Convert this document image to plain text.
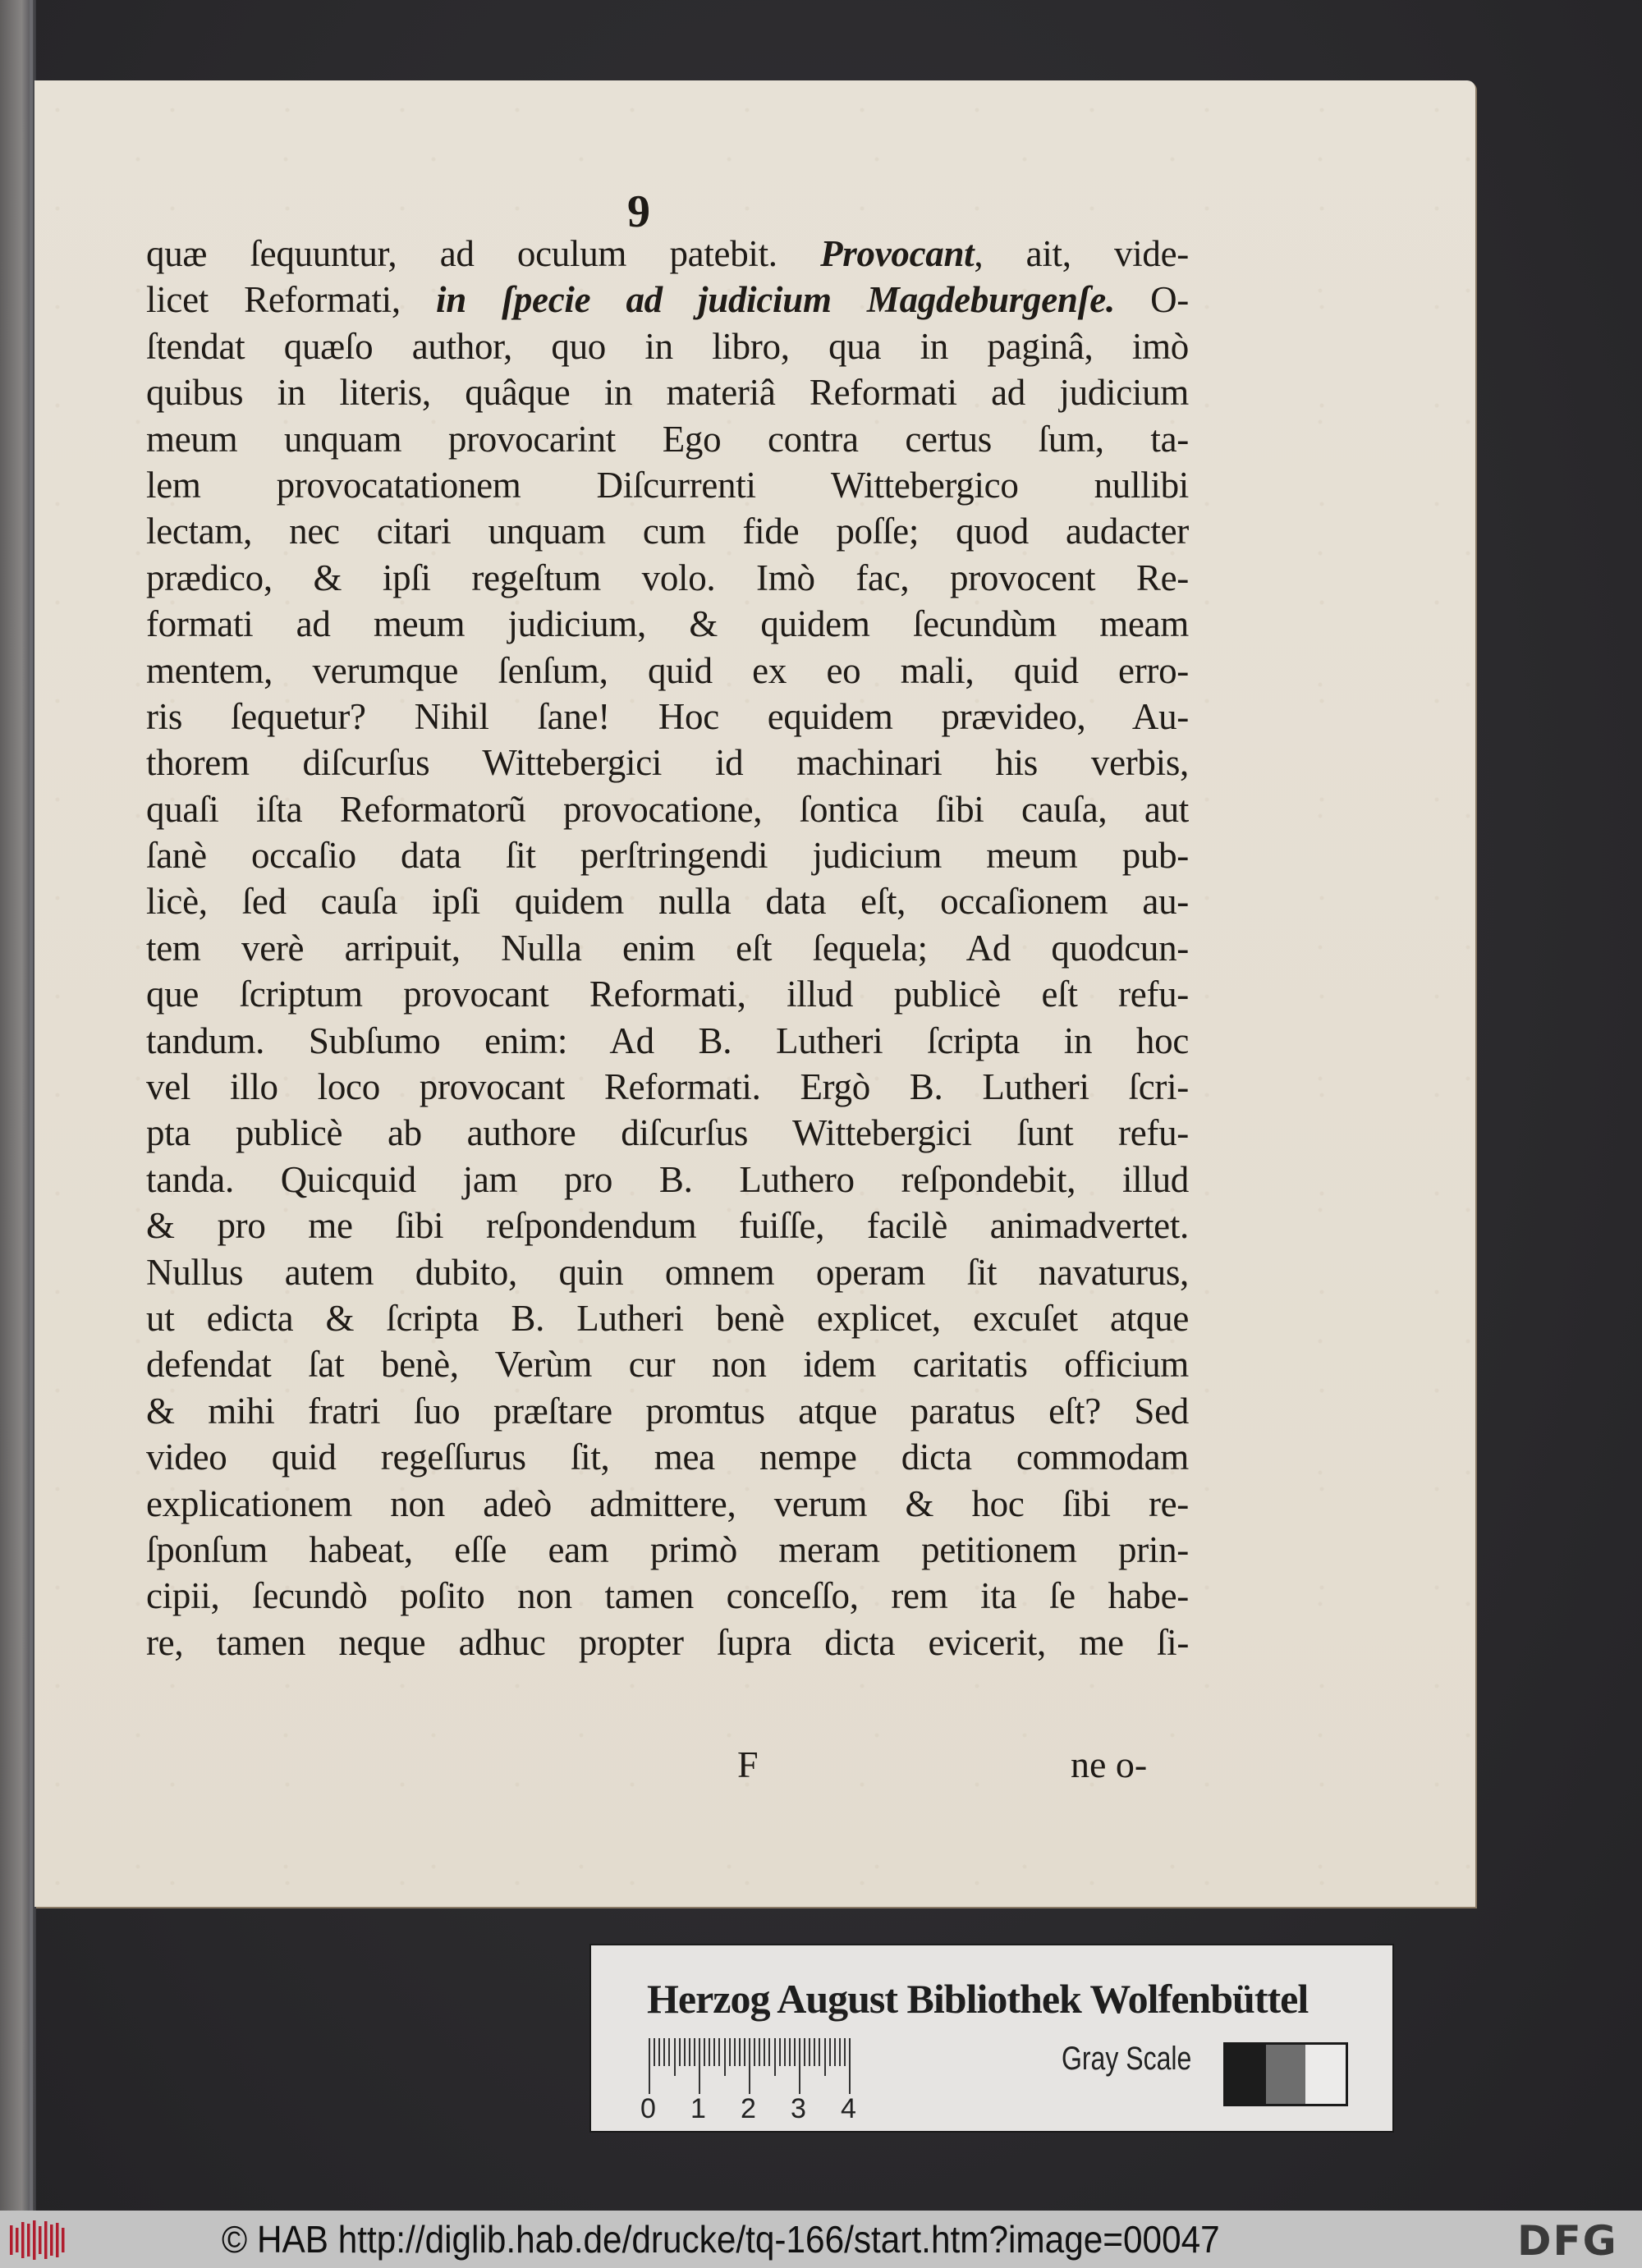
9
quæ ſequuntur, ad oculum patebit. Provocant, ait, vide-
licet Reformati, in ſpecie ad judicium Magdeburgenſe. O-
ſtendat quæſo author, quo in libro, qua in paginâ, imò
quibus in literis, quâque in materiâ Reformati ad judicium
meum unquam provocarint Ego contra certus ſum, ta-
lem provocatationem Diſcurrenti Wittebergico nullibi
lectam, nec citari unquam cum fide poſſe; quod audacter
prædico, & ipſi regeſtum volo. Imò fac, provocent Re-
formati ad meum judicium, & quidem ſecundùm meam
mentem, verumque ſenſum, quid ex eo mali, quid erro-
ris ſequetur? Nihil ſane! Hoc equidem prævideo, Au-
thorem diſcurſus Wittebergici id machinari his verbis,
quaſi iſta Reformatorũ provocatione, ſontica ſibi cauſa, aut
ſanè occaſio data ſit perſtringendi judicium meum pub-
licè, ſed cauſa ipſi quidem nulla data eſt, occaſionem au-
tem verè arripuit, Nulla enim eſt ſequela; Ad quodcun-
que ſcriptum provocant Reformati, illud publicè eſt refu-
tandum. Subſumo enim: Ad B. Lutheri ſcripta in hoc
vel illo loco provocant Reformati. Ergò B. Lutheri ſcri-
pta publicè ab authore diſcurſus Wittebergici ſunt refu-
tanda. Quicquid jam pro B. Luthero reſpondebit, illud
& pro me ſibi reſpondendum fuiſſe, facilè animadvertet.
Nullus autem dubito, quin omnem operam ſit navaturus,
ut edicta & ſcripta B. Lutheri benè explicet, excuſet atque
defendat ſat benè, Verùm cur non idem caritatis officium
& mihi fratri ſuo præſtare promtus atque paratus eſt? Sed
video quid regeſſurus ſit, mea nempe dicta commodam
explicationem non adeò admittere, verum & hoc ſibi re-
ſponſum habeat, eſſe eam primò meram petitionem prin-
cipii, ſecundò poſito non tamen conceſſo, rem ita ſe habe-
re, tamen neque adhuc propter ſupra dicta evicerit, me ſi-
F	ne o-
Herzog August Bibliothek Wolfenbüttel
0 1 2 3 4
Gray Scale
© HAB http://diglib.hab.de/drucke/tq-166/start.htm?image=00047	DFG
